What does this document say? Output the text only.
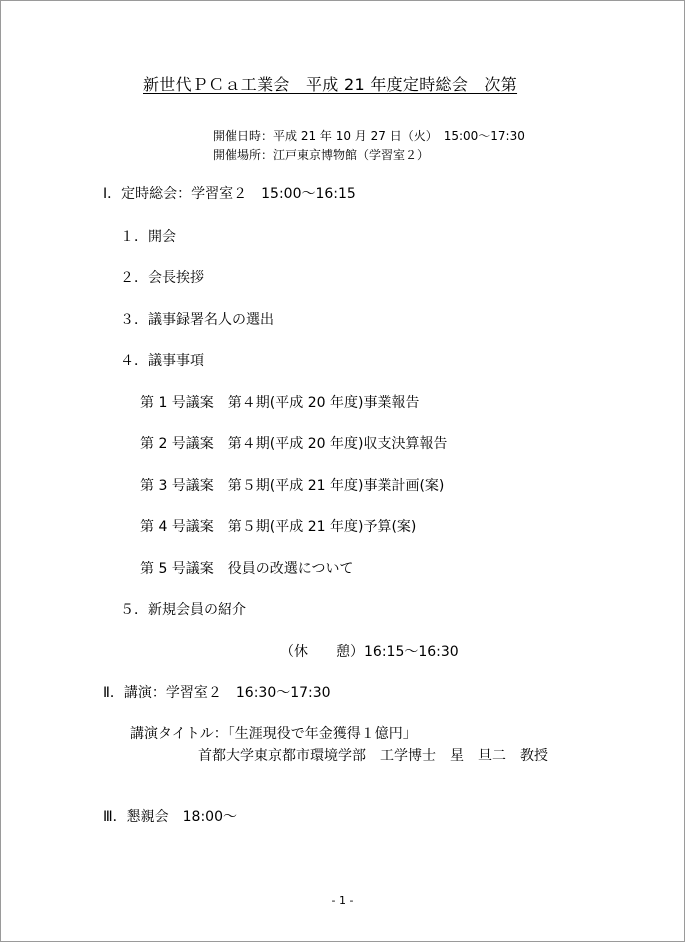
新世代ＰＣａ工業会　平成 21 年度定時総会　次第
開催日時：平成 21 年 10 月 27 日（火）　15:00〜17:30
開催場所：江戸東京博物館（学習室２）
Ⅰ．定時総会：学習室２　15:00〜16:15
１．開会
２．会長挨拶
３．議事録署名人の選出
４．議事事項
第 1 号議案　第４期(平成 20 年度)事業報告
第 2 号議案　第４期(平成 20 年度)収支決算報告
第 3 号議案　第５期(平成 21 年度)事業計画(案)
第 4 号議案　第５期(平成 21 年度)予算(案)
第 5 号議案　役員の改選について
５．新規会員の紹介
（休　　憩）16:15〜16:30
Ⅱ．講演：学習室２　16:30〜17:30
講演タイトル：「生涯現役で年金獲得１億円」
首都大学東京都市環境学部　工学博士　星　旦二　教授
Ⅲ．懇親会　18:00〜
- 1 -
